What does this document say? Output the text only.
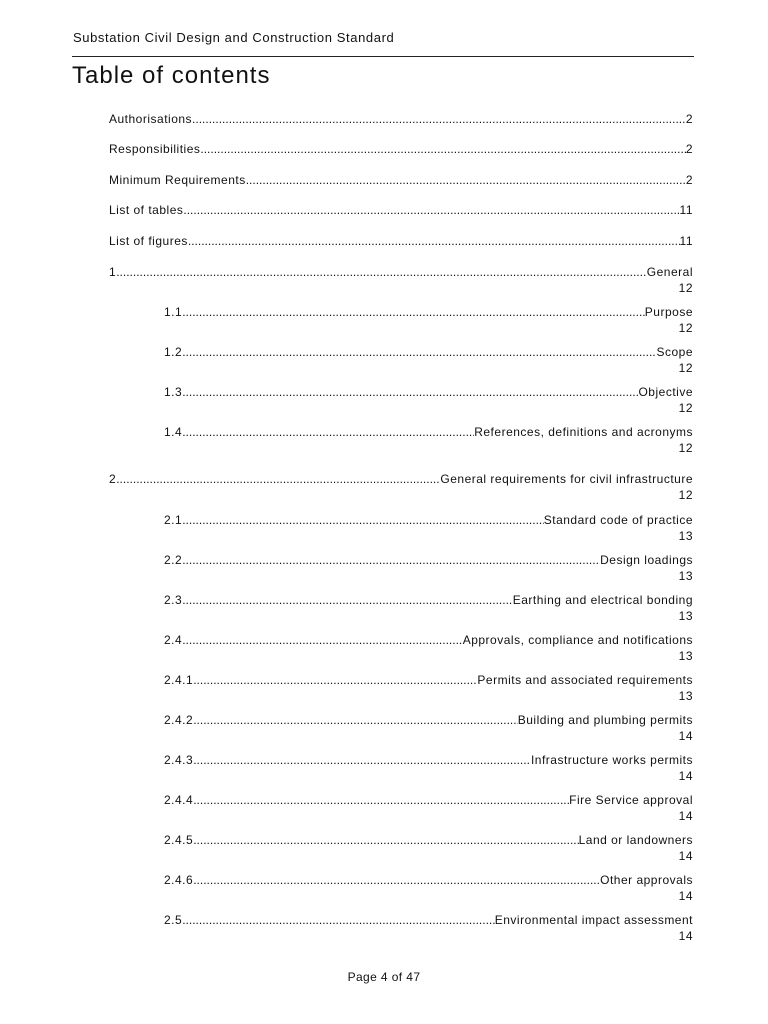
Substation Civil Design and Construction Standard
Table of contents
Authorisations .....	2
Responsibilities .....	2
Minimum Requirements .....	2
List of tables .....	11
List of figures .....	11
1 .....	General
12
1.1 .....	Purpose
12
1.2 .....	Scope
12
1.3 .....	Objective
12
1.4 .....	References, definitions and acronyms
12
2 .....	General requirements for civil infrastructure
12
2.1 .....	Standard code of practice
13
2.2 .....	Design loadings
13
2.3 .....	Earthing and electrical bonding
13
2.4 .....	Approvals, compliance and notifications
13
2.4.1 .....	Permits and associated requirements
13
2.4.2 .....	Building and plumbing permits
14
2.4.3 .....	Infrastructure works permits
14
2.4.4 .....	Fire Service approval
14
2.4.5 .....	Land or landowners
14
2.4.6 .....	Other approvals
14
2.5 .....	Environmental impact assessment
14
Page 4 of 47
